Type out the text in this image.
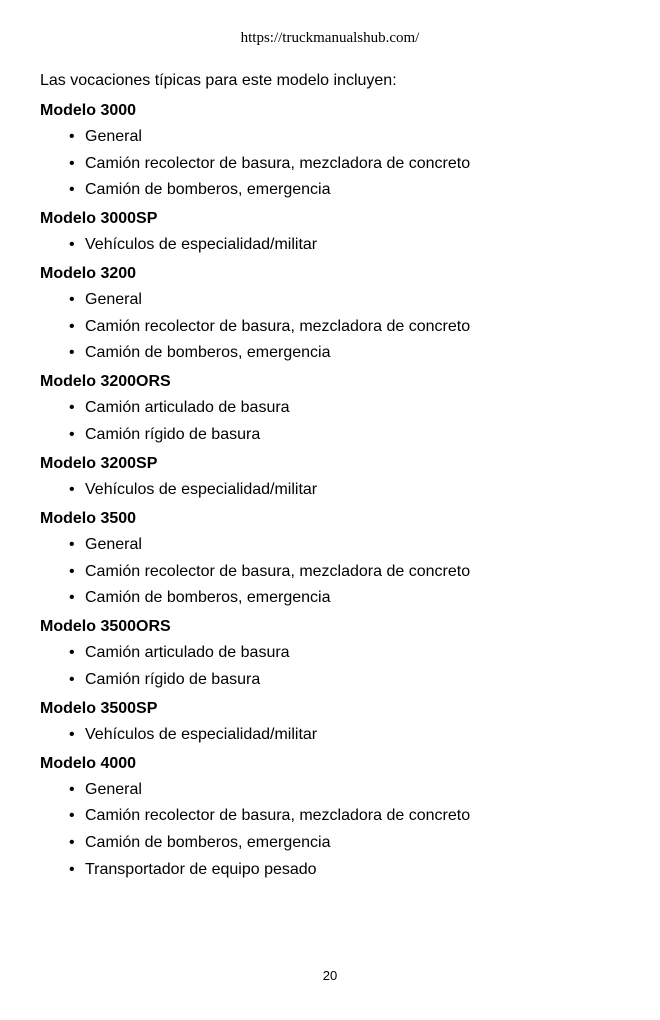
https://truckmanualshub.com/

Las vocaciones típicas para este modelo incluyen:

Modelo 3000
• General
• Camión recolector de basura, mezcladora de concreto
• Camión de bomberos, emergencia
Modelo 3000SP
• Vehículos de especialidad/militar
Modelo 3200
• General
• Camión recolector de basura, mezcladora de concreto
• Camión de bomberos, emergencia
Modelo 3200ORS
• Camión articulado de basura
• Camión rígido de basura
Modelo 3200SP
• Vehículos de especialidad/militar
Modelo 3500
• General
• Camión recolector de basura, mezcladora de concreto
• Camión de bomberos, emergencia
Modelo 3500ORS
• Camión articulado de basura
• Camión rígido de basura
Modelo 3500SP
• Vehículos de especialidad/militar
Modelo 4000
• General
• Camión recolector de basura, mezcladora de concreto
• Camión de bomberos, emergencia
• Transportador de equipo pesado
20
